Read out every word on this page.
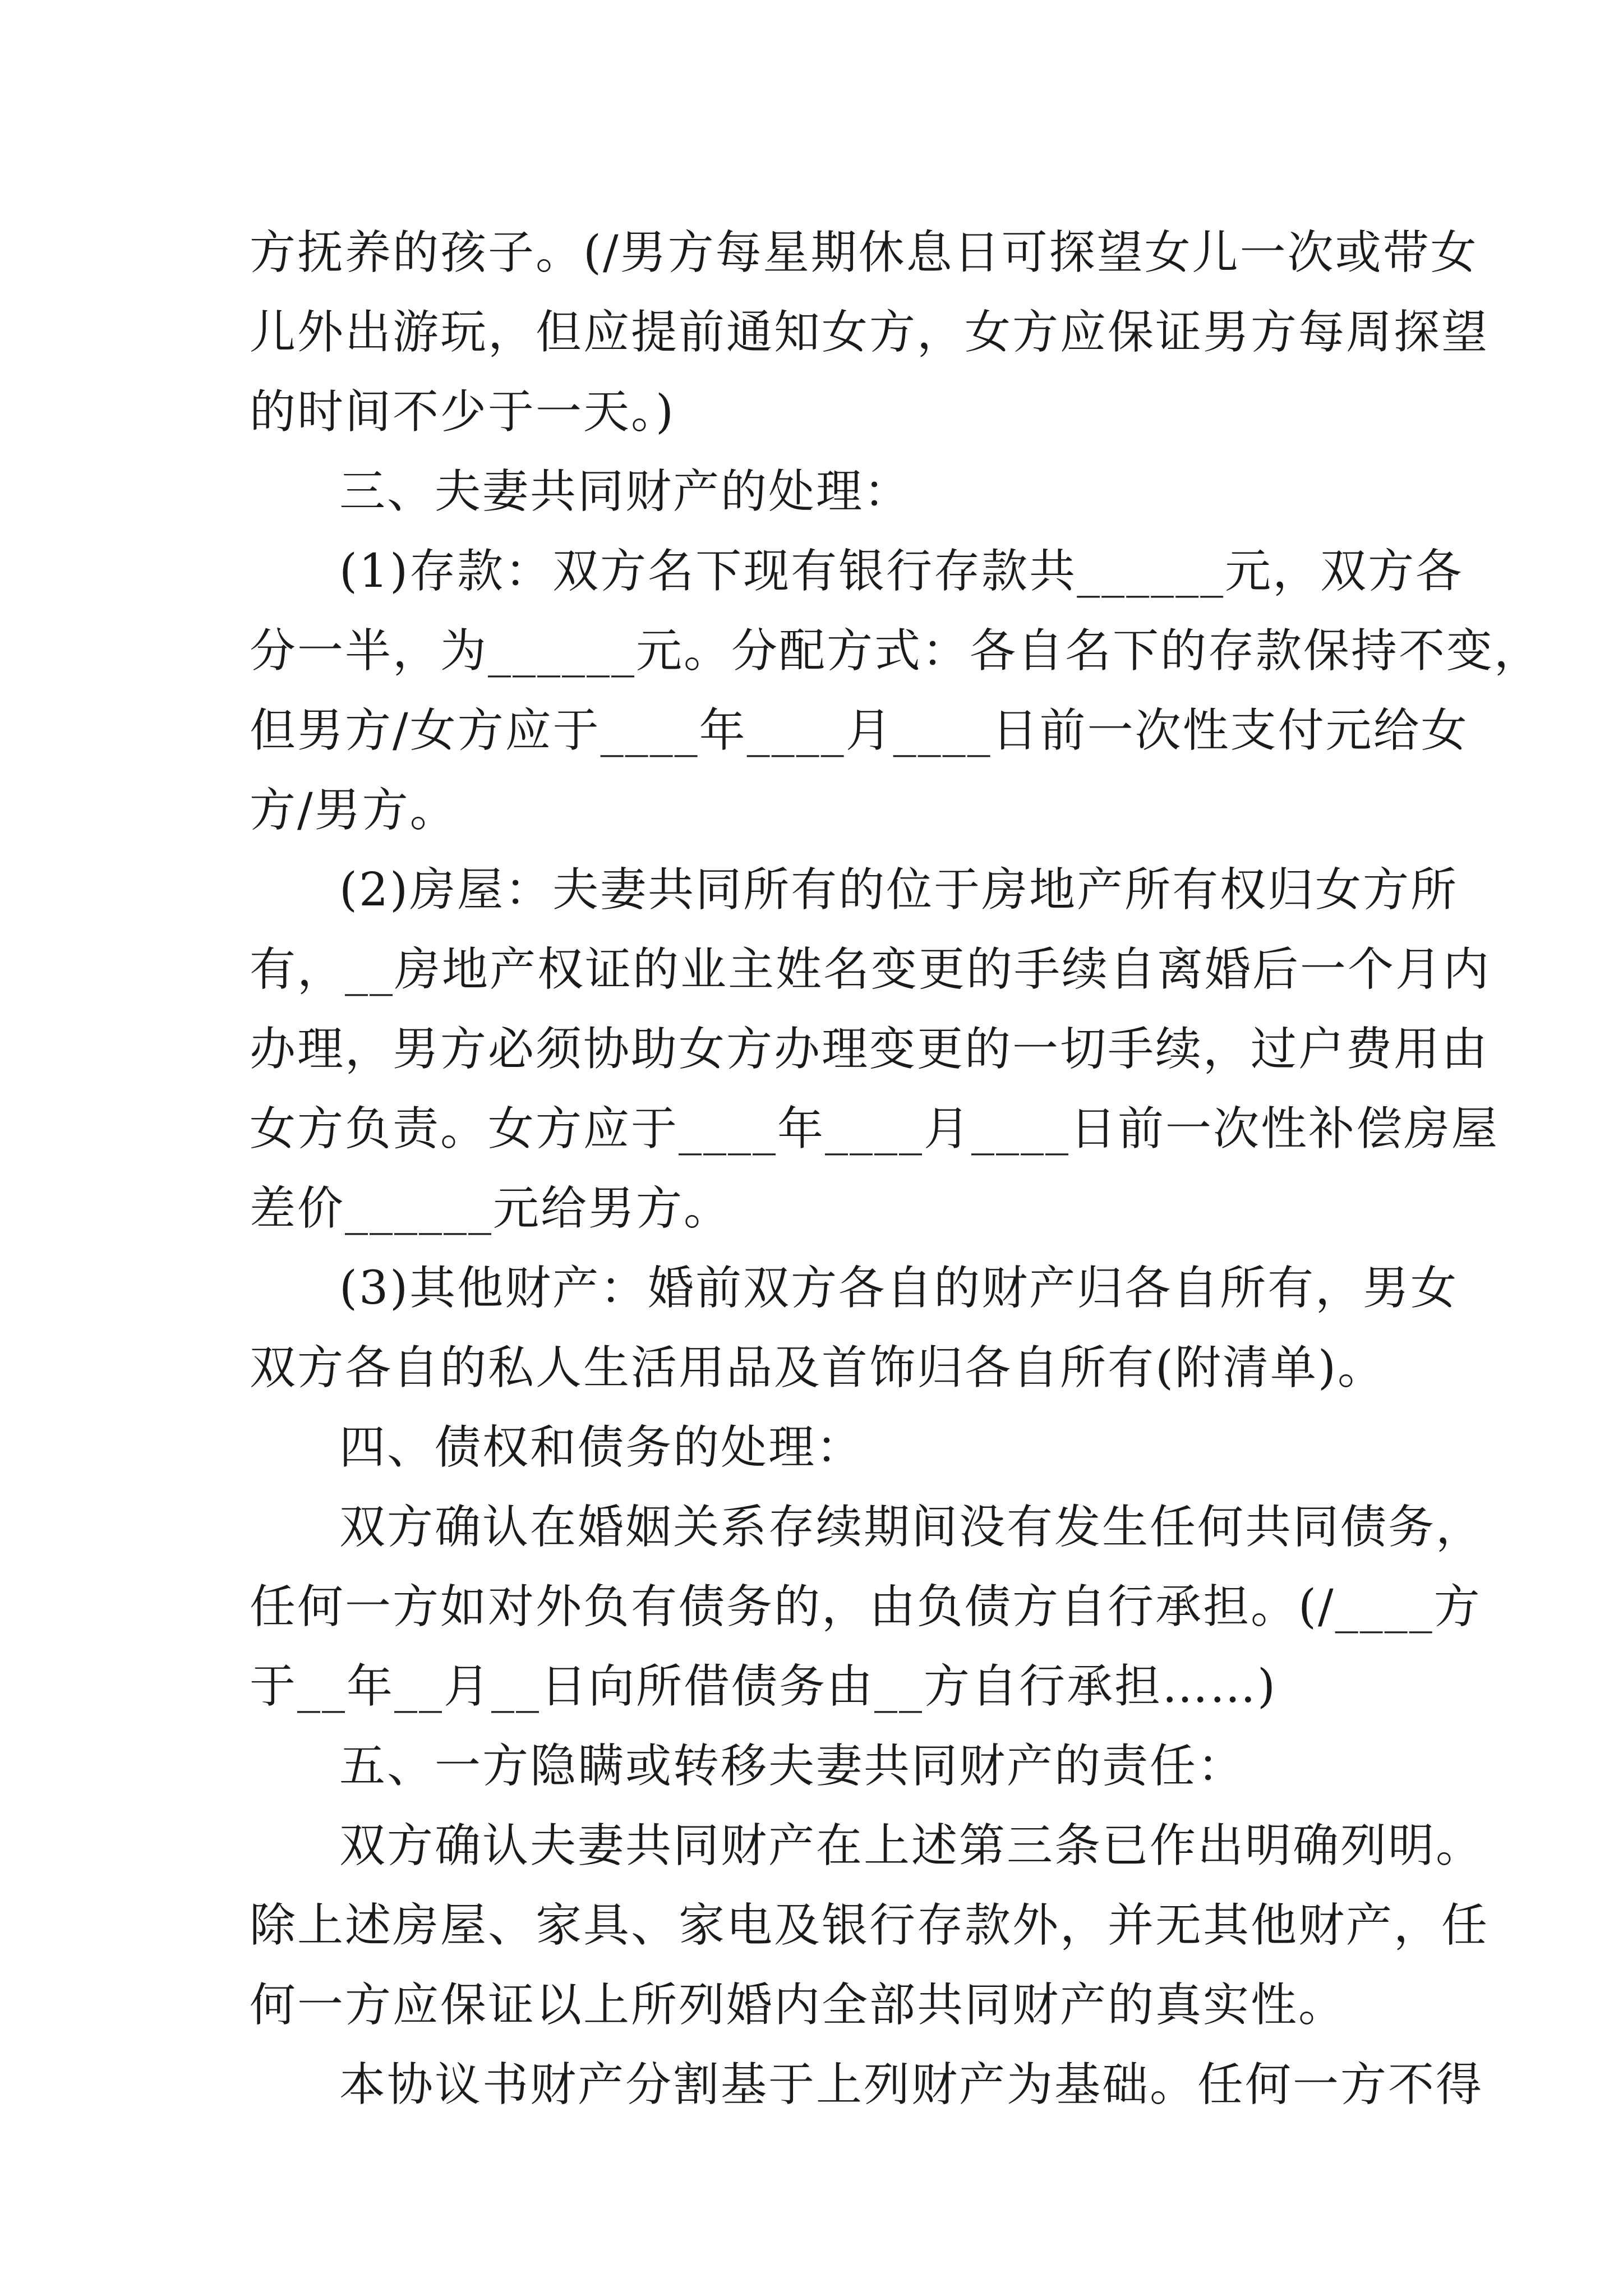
方抚养的孩子。(/男方每星期休息日可探望女儿一次或带女
儿外出游玩，但应提前通知女方，女方应保证男方每周探望
的时间不少于一天。)
三、夫妻共同财产的处理：
(1)存款：双方名下现有银行存款共______元，双方各
分一半，为______元。分配方式：各自名下的存款保持不变，
但男方/女方应于____年____月____日前一次性支付元给女
方/男方。
(2)房屋：夫妻共同所有的位于房地产所有权归女方所
有，__房地产权证的业主姓名变更的手续自离婚后一个月内
办理，男方必须协助女方办理变更的一切手续，过户费用由
女方负责。女方应于____年____月____日前一次性补偿房屋
差价______元给男方。
(3)其他财产：婚前双方各自的财产归各自所有，男女
双方各自的私人生活用品及首饰归各自所有(附清单)。
四、债权和债务的处理：
双方确认在婚姻关系存续期间没有发生任何共同债务，
任何一方如对外负有债务的，由负债方自行承担。(/____方
于__年__月__日向所借债务由__方自行承担……)
五、一方隐瞒或转移夫妻共同财产的责任：
双方确认夫妻共同财产在上述第三条已作出明确列明。
除上述房屋、家具、家电及银行存款外，并无其他财产，任
何一方应保证以上所列婚内全部共同财产的真实性。
本协议书财产分割基于上列财产为基础。任何一方不得
